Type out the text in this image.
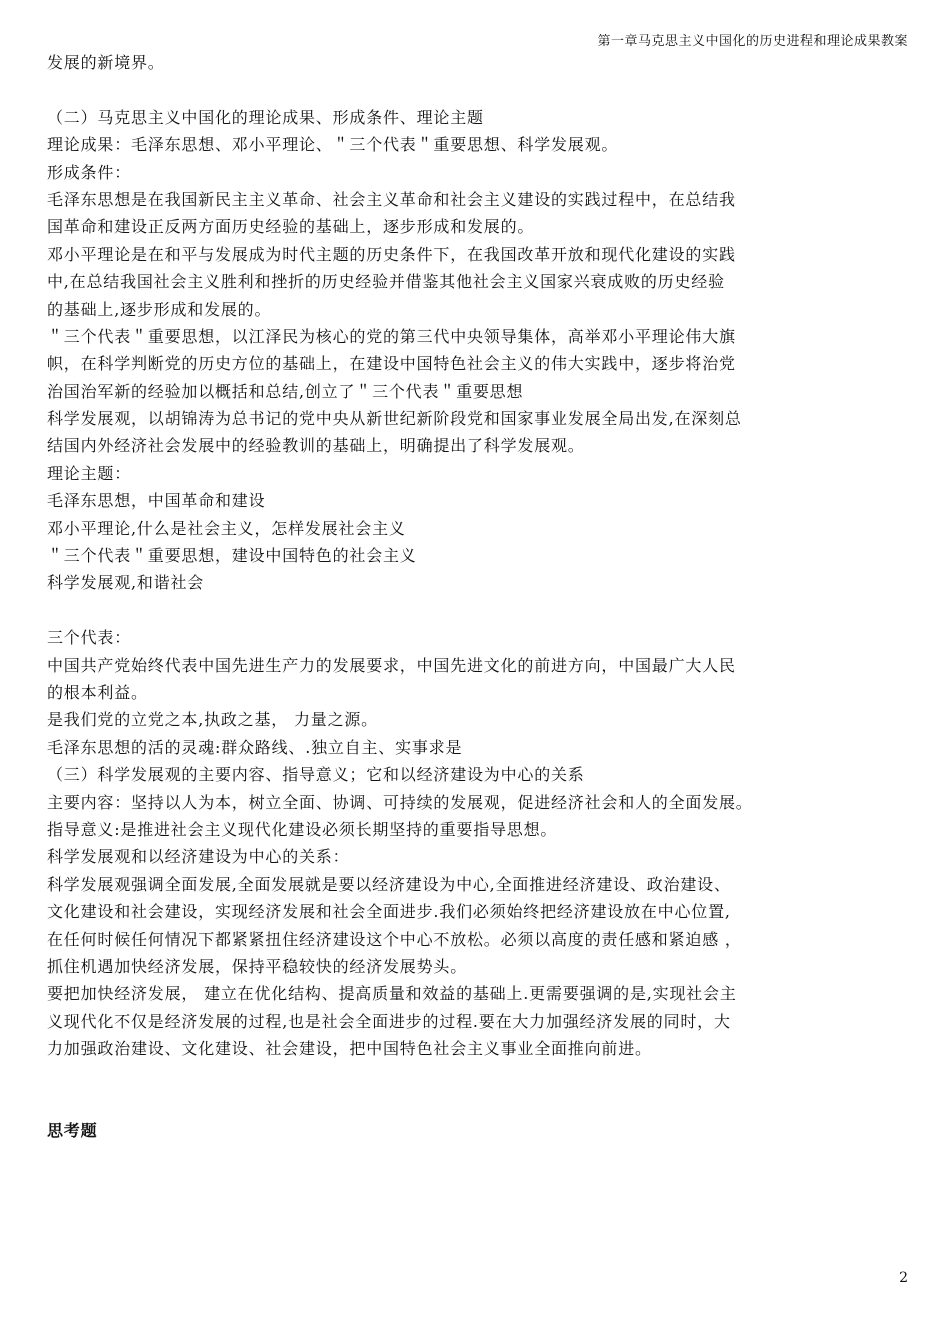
第一章马克思主义中国化的历史进程和理论成果教案
发展的新境界。
（二）马克思主义中国化的理论成果、形成条件、理论主题
理论成果：毛泽东思想、邓小平理论、＂三个代表＂重要思想、科学发展观。
形成条件：
毛泽东思想是在我国新民主主义革命、社会主义革命和社会主义建设的实践过程中，在总结我
国革命和建设正反两方面历史经验的基础上，逐步形成和发展的。
邓小平理论是在和平与发展成为时代主题的历史条件下，在我国改革开放和现代化建设的实践
中,在总结我国社会主义胜利和挫折的历史经验并借鉴其他社会主义国家兴衰成败的历史经验
的基础上,逐步形成和发展的。
＂三个代表＂重要思想，以江泽民为核心的党的第三代中央领导集体，高举邓小平理论伟大旗
帜，在科学判断党的历史方位的基础上，在建设中国特色社会主义的伟大实践中，逐步将治党
治国治军新的经验加以概括和总结,创立了＂三个代表＂重要思想
科学发展观，以胡锦涛为总书记的党中央从新世纪新阶段党和国家事业发展全局出发,在深刻总
结国内外经济社会发展中的经验教训的基础上，明确提出了科学发展观。
理论主题：
毛泽东思想，中国革命和建设
邓小平理论,什么是社会主义，怎样发展社会主义
＂三个代表＂重要思想，建设中国特色的社会主义
科学发展观,和谐社会
三个代表：
中国共产党始终代表中国先进生产力的发展要求，中国先进文化的前进方向，中国最广大人民
的根本利益。
是我们党的立党之本,执政之基， 力量之源。
毛泽东思想的活的灵魂:群众路线、.独立自主、实事求是
（三）科学发展观的主要内容、指导意义；它和以经济建设为中心的关系
主要内容：坚持以人为本，树立全面、协调、可持续的发展观，促进经济社会和人的全面发展。
指导意义:是推进社会主义现代化建设必须长期坚持的重要指导思想。
科学发展观和以经济建设为中心的关系：
科学发展观强调全面发展,全面发展就是要以经济建设为中心,全面推进经济建设、政治建设、
文化建设和社会建设，实现经济发展和社会全面进步.我们必须始终把经济建设放在中心位置,
在任何时候任何情况下都紧紧扭住经济建设这个中心不放松。必须以高度的责任感和紧迫感 ，
抓住机遇加快经济发展，保持平稳较快的经济发展势头。
要把加快经济发展， 建立在优化结构、提高质量和效益的基础上.更需要强调的是,实现社会主
义现代化不仅是经济发展的过程,也是社会全面进步的过程.要在大力加强经济发展的同时，大
力加强政治建设、文化建设、社会建设，把中国特色社会主义事业全面推向前进。
思考题
2
